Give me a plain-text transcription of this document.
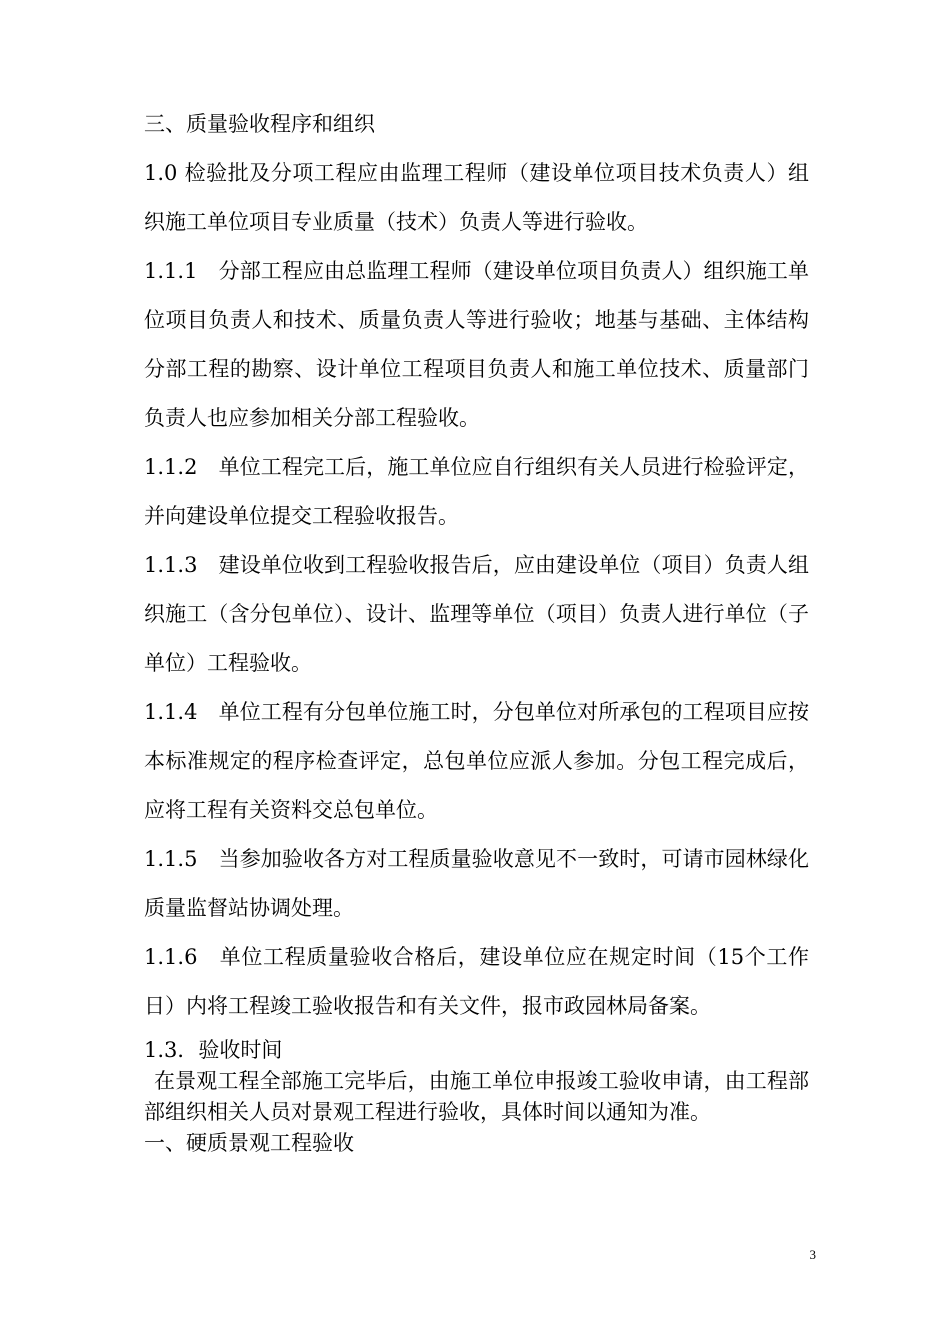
三、质量验收程序和组织

1.0 检验批及分项工程应由监理工程师（建设单位项目技术负责人）组织施工单位项目专业质量（技术）负责人等进行验收。

1.1.1　分部工程应由总监理工程师（建设单位项目负责人）组织施工单位项目负责人和技术、质量负责人等进行验收；地基与基础、主体结构分部工程的勘察、设计单位工程项目负责人和施工单位技术、质量部门负责人也应参加相关分部工程验收。

1.1.2　单位工程完工后，施工单位应自行组织有关人员进行检验评定，并向建设单位提交工程验收报告。

1.1.3　建设单位收到工程验收报告后，应由建设单位（项目）负责人组织施工（含分包单位）、设计、监理等单位（项目）负责人进行单位（子单位）工程验收。

1.1.4　单位工程有分包单位施工时，分包单位对所承包的工程项目应按本标准规定的程序检查评定，总包单位应派人参加。分包工程完成后，应将工程有关资料交总包单位。

1.1.5　当参加验收各方对工程质量验收意见不一致时，可请市园林绿化质量监督站协调处理。

1.1.6　单位工程质量验收合格后，建设单位应在规定时间（15个工作日）内将工程竣工验收报告和有关文件，报市政园林局备案。

1.3．验收时间

在景观工程全部施工完毕后，由施工单位申报竣工验收申请，由工程部部组织相关人员对景观工程进行验收，具体时间以通知为准。

一、硬质景观工程验收

3
